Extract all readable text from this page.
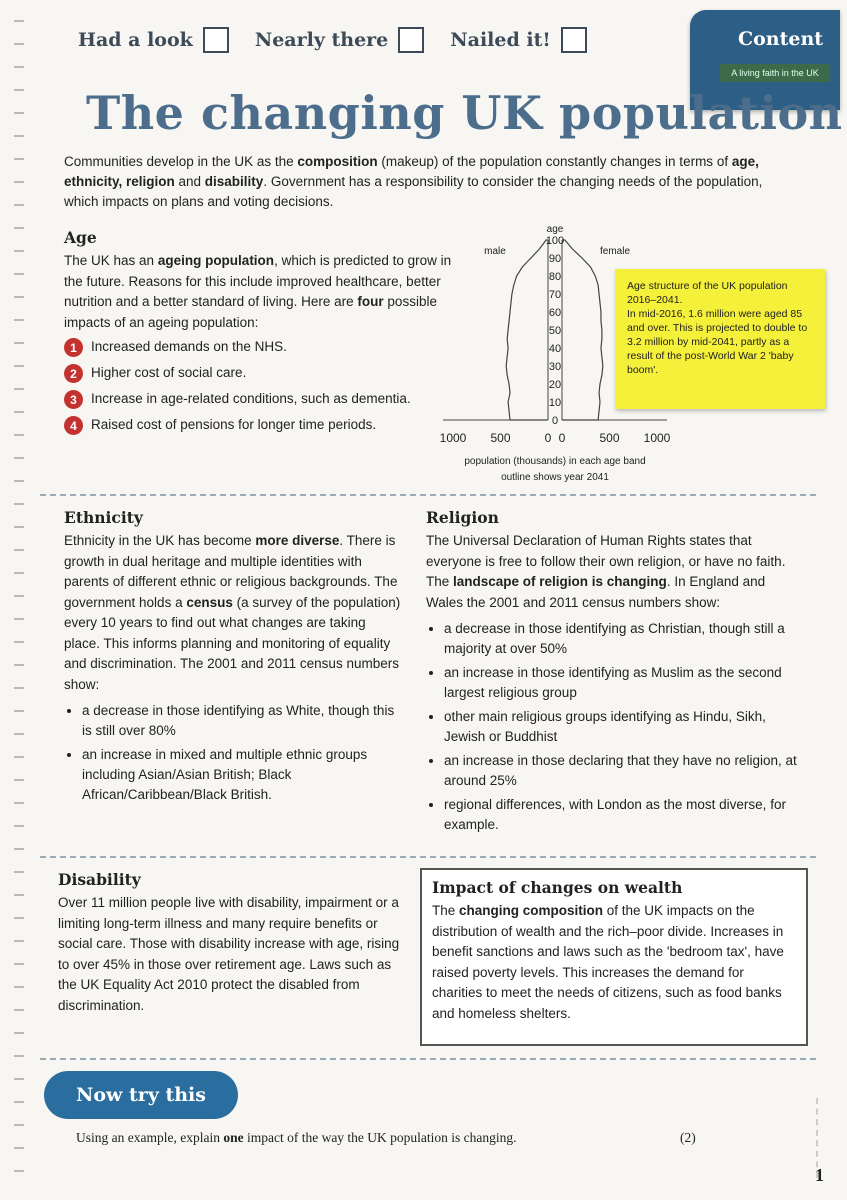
Had a look	Nearly there	Nailed it!	Content
A living faith in the UK
The changing UK population
Communities develop in the UK as the composition (makeup) of the population constantly changes in terms of age, ethnicity, religion and disability. Government has a responsibility to consider the changing needs of the population, which impacts on plans and voting decisions.
Age
The UK has an ageing population, which is predicted to grow in the future. Reasons for this include improved healthcare, better nutrition and a better standard of living. Here are four possible impacts of an ageing population:
1	Increased demands on the NHS.
2	Higher cost of social care.
3	Increase in age-related conditions, such as dementia.
4	Raised cost of pensions for longer time periods.
10
20
30
40
50
60
70
80
90
100
0
age
male	female
1000 500	0 0	500 1000
population (thousands) in each age band
outline shows year 2041
Age structure of the UK population 2016–2041.
In mid-2016, 1.6 million were aged 85 and over. This is projected to double to 3.2 million by mid-2041, partly as a result of the post-World War 2 'baby boom'.
Ethnicity
Ethnicity in the UK has become more diverse. There is growth in dual heritage and multiple identities with parents of different ethnic or religious backgrounds. The government holds a census (a survey of the population) every 10 years to find out what changes are taking place. This informs planning and monitoring of equality and discrimination. The 2001 and 2011 census numbers show:
• a decrease in those identifying as White, though this is still over 80%
• an increase in mixed and multiple ethnic groups including Asian/Asian British; Black African/Caribbean/Black British.
Religion
The Universal Declaration of Human Rights states that everyone is free to follow their own religion, or have no faith. The landscape of religion is changing. In England and Wales the 2001 and 2011 census numbers show:
• a decrease in those identifying as Christian, though still a majority at over 50%
• an increase in those identifying as Muslim as the second largest religious group
• other main religious groups identifying as Hindu, Sikh, Jewish or Buddhist
• an increase in those declaring that they have no religion, at around 25%
• regional differences, with London as the most diverse, for example.
Disability
Over 11 million people live with disability, impairment or a limiting long-term illness and many require benefits or social care. Those with disability increase with age, rising to over 45% in those over retirement age. Laws such as the UK Equality Act 2010 protect the disabled from discrimination.
Impact of changes on wealth
The changing composition of the UK impacts on the distribution of wealth and the rich–poor divide. Increases in benefit sanctions and laws such as the 'bedroom tax', have raised poverty levels. This increases the demand for charities to meet the needs of citizens, such as food banks and homeless shelters.
Now try this
Using an example, explain one impact of the way the UK population is changing.	(2)
1
